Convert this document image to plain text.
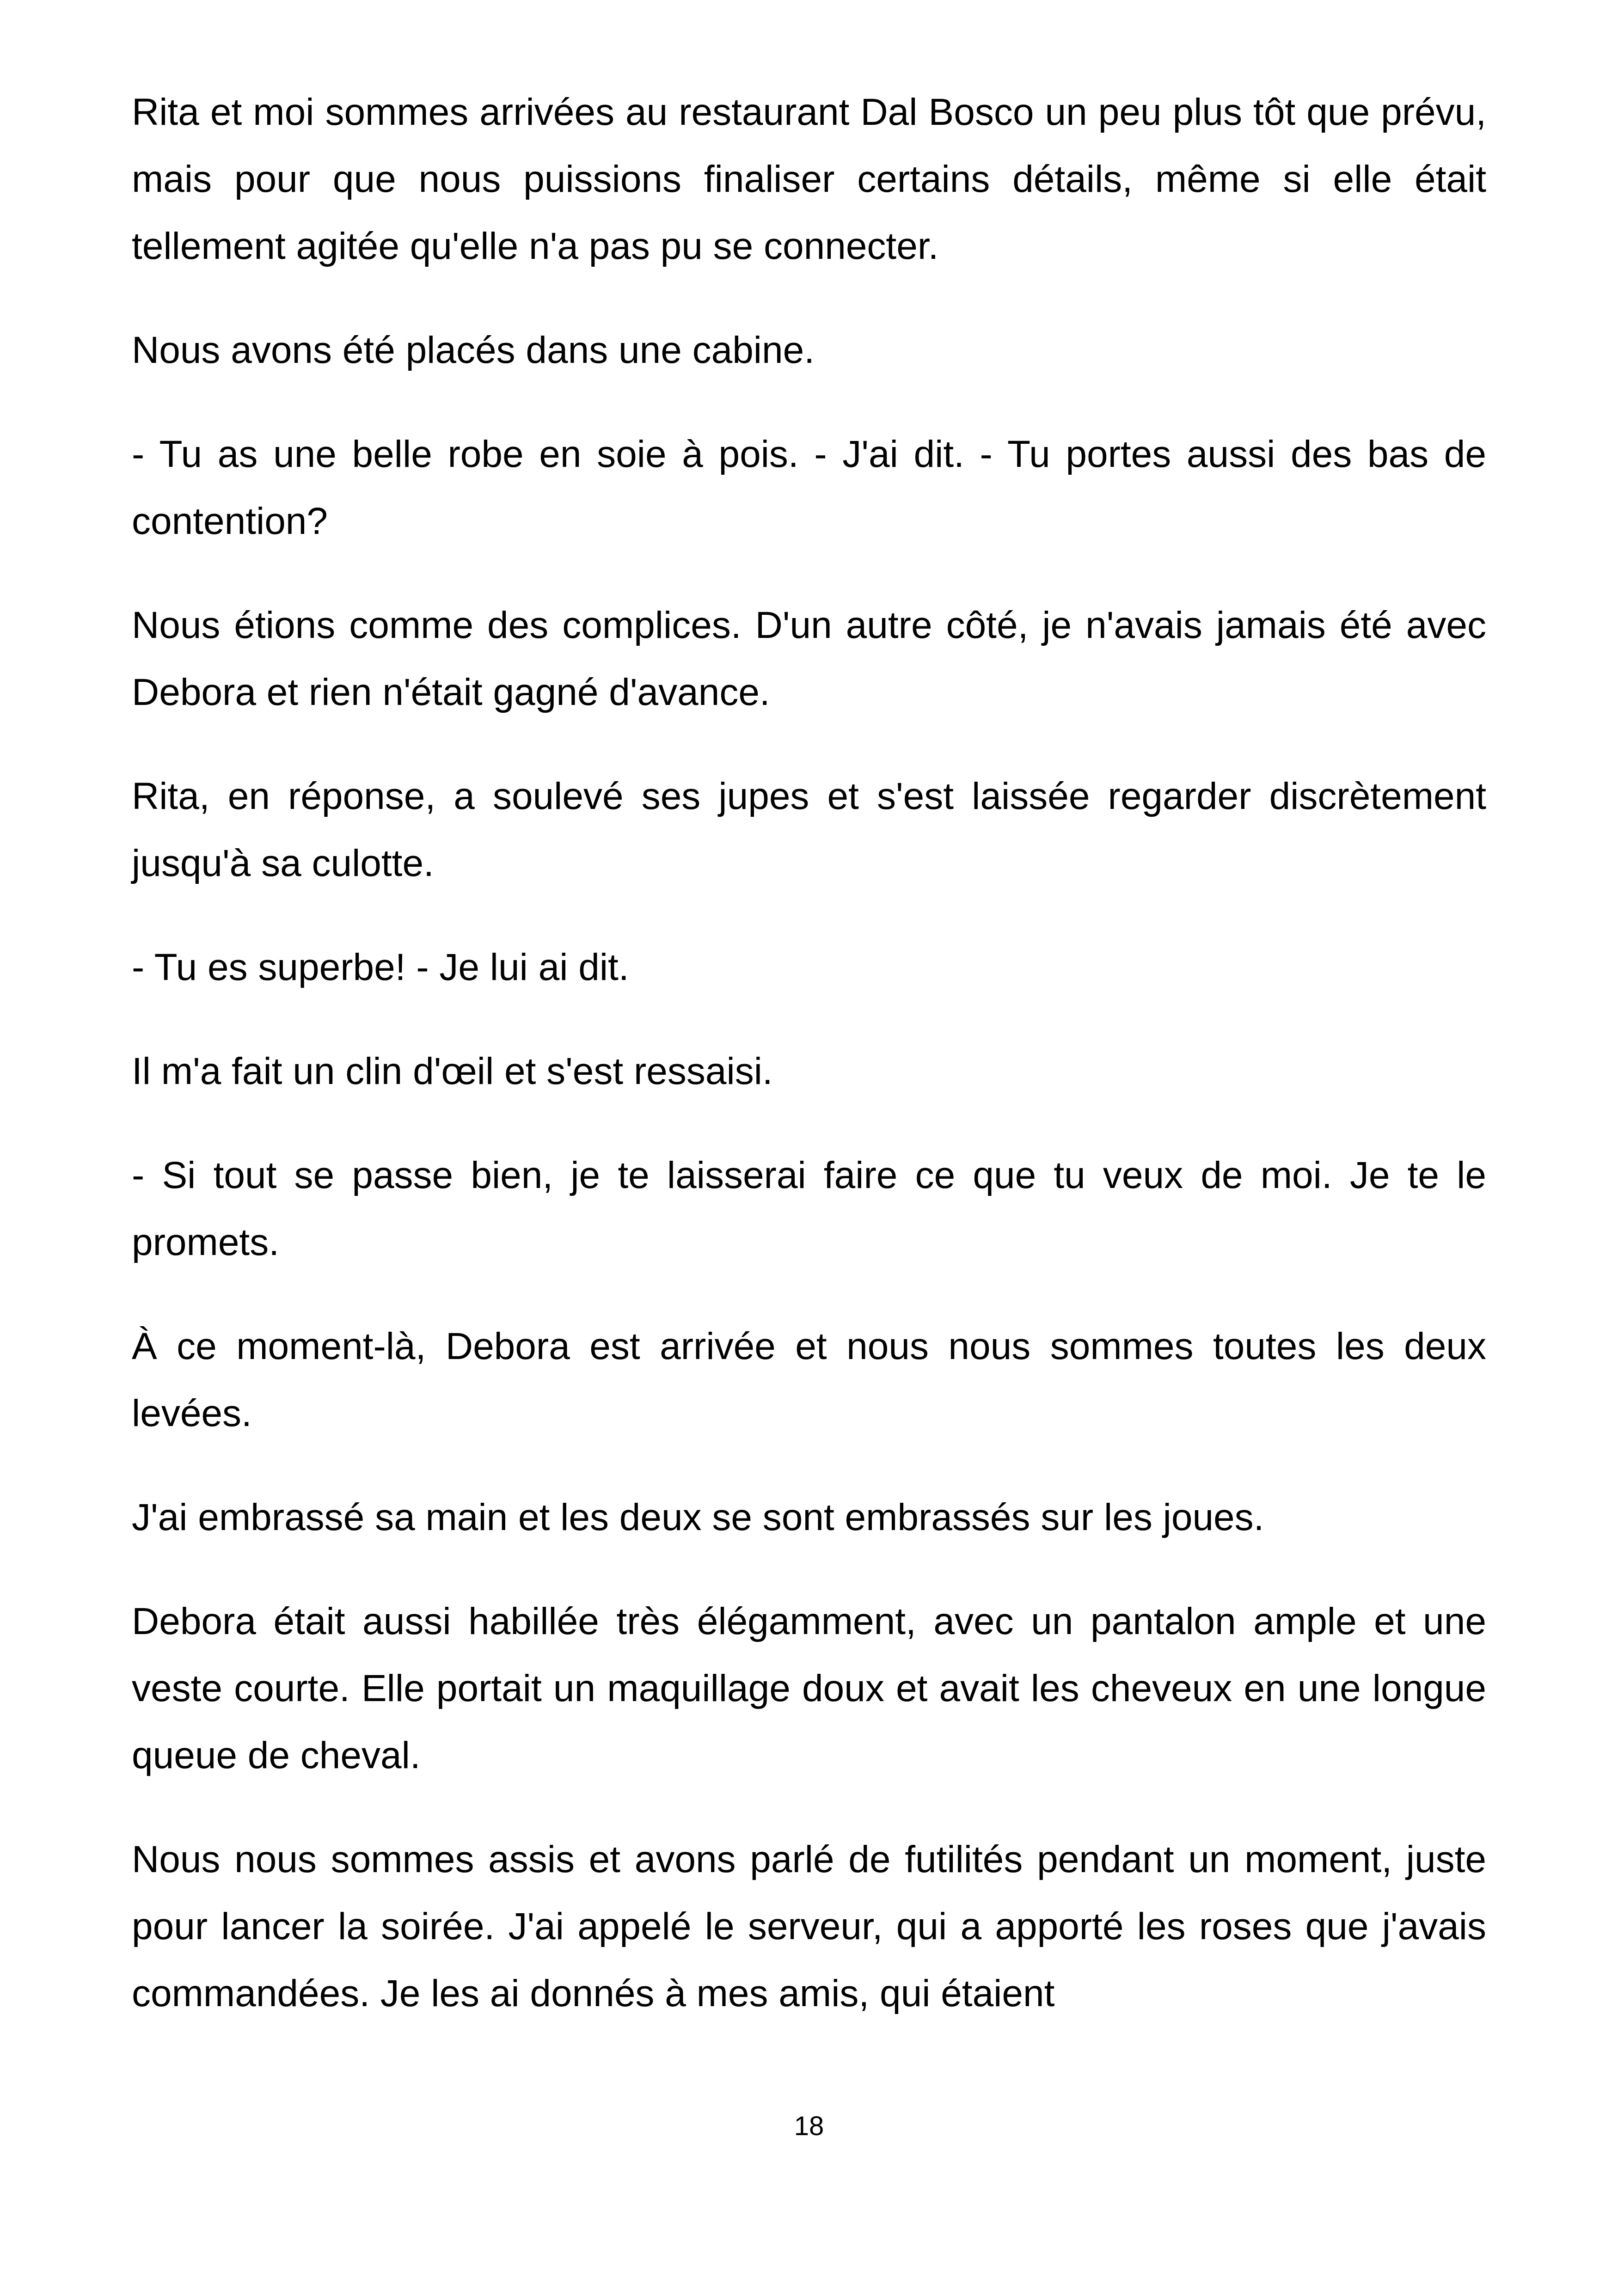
Rita et moi sommes arrivées au restaurant Dal Bosco un peu plus tôt que prévu, mais pour que nous puissions finaliser certains détails, même si elle était tellement agitée qu'elle n'a pas pu se connecter.

Nous avons été placés dans une cabine.

- Tu as une belle robe en soie à pois. - J'ai dit. - Tu portes aussi des bas de contention?

Nous étions comme des complices. D'un autre côté, je n'avais jamais été avec Debora et rien n'était gagné d'avance.

Rita, en réponse, a soulevé ses jupes et s'est laissée regarder discrètement jusqu'à sa culotte.

- Tu es superbe! - Je lui ai dit.

Il m'a fait un clin d'œil et s'est ressaisi.

- Si tout se passe bien, je te laisserai faire ce que tu veux de moi. Je te le promets.

À ce moment-là, Debora est arrivée et nous nous sommes toutes les deux levées.

J'ai embrassé sa main et les deux se sont embrassés sur les joues.

Debora était aussi habillée très élégamment, avec un pantalon ample et une veste courte. Elle portait un maquillage doux et avait les cheveux en une longue queue de cheval.

Nous nous sommes assis et avons parlé de futilités pendant un moment, juste pour lancer la soirée. J'ai appelé le serveur, qui a apporté les roses que j'avais commandées. Je les ai donnés à mes amis, qui étaient

18
